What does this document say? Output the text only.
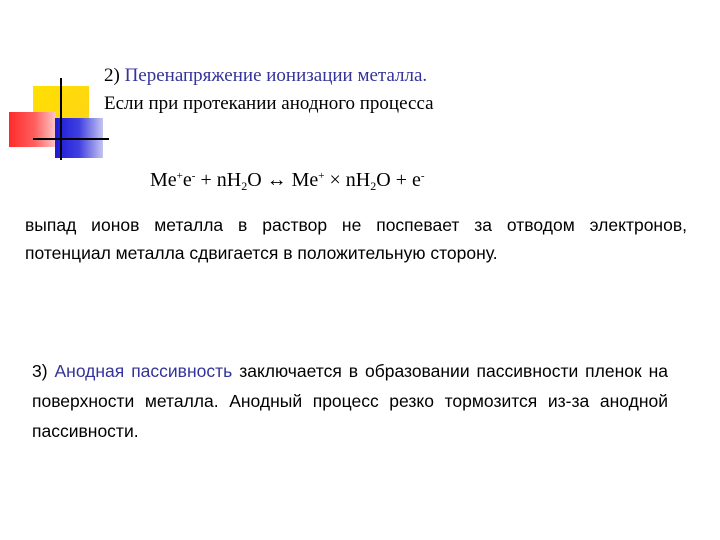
2) Перенапряжение ионизации металла.
Если при протекании анодного процесса
$Me^+e^- + nH_2O$ ↔ $Me^+ \times nH_2O + e^-$
выпад ионов металла в раствор не поспевает за отводом электронов, потенциал металла сдвигается в положительную сторону.
3) Анодная пассивность заключается в образовании пассивности пленок на поверхности металла. Анодный процесс резко тормозится из-за анодной пассивности.
